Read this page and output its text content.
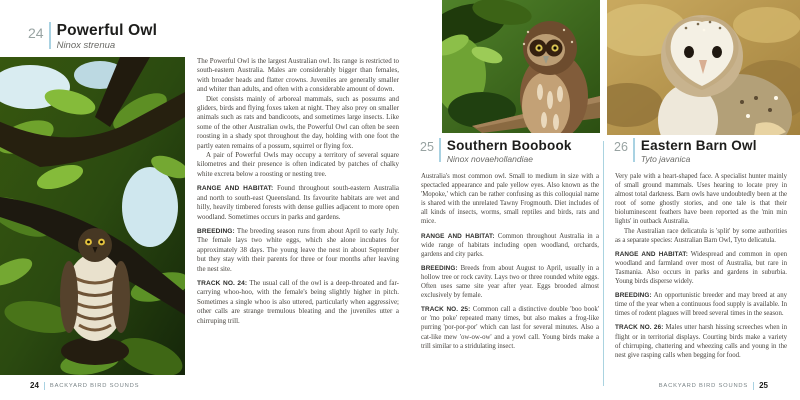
24 Powerful Owl
Ninox strenua

The Powerful Owl is the largest Australian owl. Its range is restricted to south-eastern Australia. Males are considerably bigger than females, with broader heads and flatter crowns. Juveniles are generally smaller and whiter than adults, and often with a considerable amount of down.

Diet consists mainly of arboreal mammals, such as possums and gliders, birds and flying foxes taken at night. They also prey on smaller animals such as rats and bandicoots, and sometimes large insects. Like some of the other Australian owls, the Powerful Owl can often be seen roosting in a shady spot throughout the day, holding with one foot the partly eaten remains of a possum, squirrel or flying fox.

A pair of Powerful Owls may occupy a territory of several square kilometres and their presence is often indicated by patches of chalky white excreta below a roosting or nesting tree.

RANGE AND HABITAT: Found throughout south-eastern Australia and north to south-east Queensland. Its favourite habitats are wet and hilly, heavily timbered forests with dense gullies adjacent to more open woodland. Sometimes occurs in parks and gardens.

BREEDING: The breeding season runs from about April to early July. The female lays two white eggs, which she alone incubates for approximately 38 days. The young leave the nest in about September but they stay with their parents for three or four months after leaving the nest site.

TRACK NO. 24: The usual call of the owl is a deep-throated and far-carrying whoo-hoo, with the female's being slightly higher in pitch. Sometimes a single whoo is also uttered, particularly when aggressive; other calls are strange tremulous bleating and the juveniles utter a chirruping trill.

24 BACKYARD BIRD SOUNDS
25 Southern Boobook
Ninox novaehollandiae

Australia's most common owl. Small to medium in size with a spectacled appearance and pale yellow eyes. Also known as the 'Mopoke,' which can be rather confusing as this colloquial name is shared with the unrelated Tawny Frogmouth. Diet includes of all kinds of insects, worms, small reptiles and birds, rats and mice.

RANGE AND HABITAT: Common throughout Australia in a wide range of habitats including open woodland, orchards, gardens and city parks.

BREEDING: Breeds from about August to April, usually in a hollow tree or rock cavity. Lays two or three rounded white eggs. Often uses same site year after year. Eggs brooded almost exclusively by female.

TRACK NO. 25: Common call a distinctive double 'boo book' or 'mo poke' repeated many times, but also makes a frog-like purring 'por-por-por' which can last for several minutes. Also a cat-like mew 'ow-ow-ow' and a yowl call. Young birds make a trill similar to a stridulating insect.

26 Eastern Barn Owl
Tyto javanica

Very pale with a heart-shaped face. A specialist hunter mainly of small ground mammals. Uses hearing to locate prey in almost total darkness. Barn owls have undoubtedly been at the root of some ghostly stories, and one tale is that their bioluminescent feathers have been reported as the 'min min lights' in outback Australia.

The Australian race delicatula is 'split' by some authorities as a separate species: Australian Barn Owl, Tyto delicatula.

RANGE AND HABITAT: Widespread and common in open woodland and farmland over most of Australia, but rare in Tasmania. Also occurs in parks and gardens in suburbia. Young birds disperse widely.

BREEDING: An opportunistic breeder and may breed at any time of the year when a continuous food supply is available. In times of rodent plagues will breed several times in the season.

TRACK NO. 26: Males utter harsh hissing screeches when in flight or in territorial displays. Courting birds make a variety of chirruping, chattering and wheezing calls and young in the nest give rasping calls when begging for food.

BACKYARD BIRD SOUNDS 25
